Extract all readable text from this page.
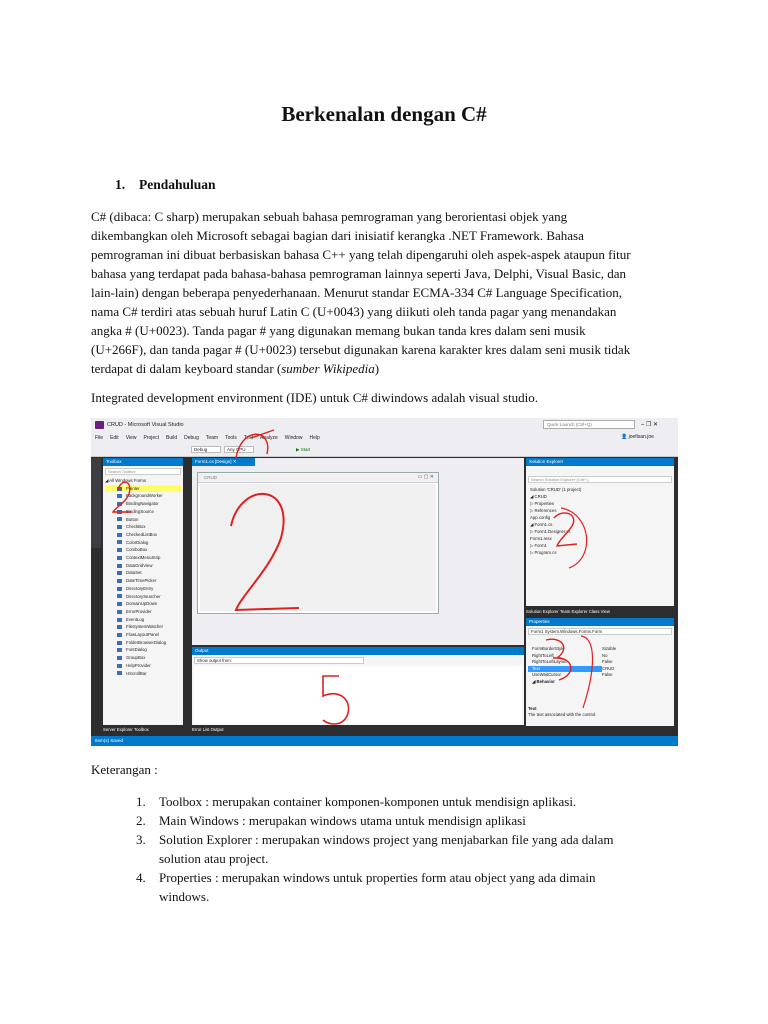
Berkenalan dengan C#
1. Pendahuluan

C# (dibaca: C sharp) merupakan sebuah bahasa pemrograman yang berorientasi objek yang

dikembangkan oleh Microsoft sebagai bagian dari inisiatif kerangka .NET Framework. Bahasa

pemrograman ini dibuat berbasiskan bahasa C++ yang telah dipengaruhi oleh aspek-aspek ataupun fitur

bahasa yang terdapat pada bahasa-bahasa pemrograman lainnya seperti Java, Delphi, Visual Basic, dan

lain-lain) dengan beberapa penyederhanaan. Menurut standar ECMA-334 C# Language Specification,

nama C# terdiri atas sebuah huruf Latin C (U+0043) yang diikuti oleh tanda pagar yang menandakan

angka # (U+0023). Tanda pagar # yang digunakan memang bukan tanda kres dalam seni musik

(U+266F), dan tanda pagar # (U+0023) tersebut digunakan karena karakter kres dalam seni musik tidak

terdapat di dalam keyboard standar (sumber Wikipedia)

Integrated development environment (IDE) untuk C# diwindows adalah visual studio.

CRUD - Microsoft Visual Studio	Quick Launch (Ctrl+Q)	– ❐ ✕
File Edit View Project Build Debug Team Tools Test Analyze Window Help	👤 joefisan.joe
Debug	Any CPU	▶ Start
Toolbox
Search Toolbox
◢ All Windows Forms
Pointer
BackgroundWorker
BindingNavigator
BindingSource
Button
CheckBox
CheckedListBox
ColorDialog
ComboBox
ContextMenuStrip
DataGridView
DataSet
DateTimePicker
DirectoryEntry
DirectorySearcher
DomainUpDown
ErrorProvider
EventLog
FileSystemWatcher
FlowLayoutPanel
FolderBrowserDialog
FontDialog
GroupBox
HelpProvider
HScrollBar
Server Explorer Toolbox
Form1.cs [Design] ✕
CRUD	▭ ▢ ✕
Output
Show output from:
Error List Output
Solution Explorer
Search Solution Explorer (Ctrl+;)
Solution 'CRUD' (1 project)
◢ CRUD
▷ Properties
▷ References
App.config
◢ Form1.cs
▷ Form1.Designer.cs
Form1.resx
▷ Form1
▷ Program.cs
Solution Explorer Team Explorer Class View
Properties
Form1 System.Windows.Forms.Form
FormBorderStyle	Sizable
RightToLeft	No
RightToLeftLayout	False
Text	CRUD
UseWaitCursor	False
◢ Behavior
Text
The text associated with the control.
Item(s) Saved
Keterangan :
1. Toolbox : merupakan container komponen-komponen untuk mendisign aplikasi.
2. Main Windows : merupakan windows utama untuk mendisign aplikasi
3. Solution Explorer : merupakan windows project yang menjabarkan file yang ada dalam
solution atau project.
4. Properties : merupakan windows untuk properties form atau object yang ada dimain
windows.
